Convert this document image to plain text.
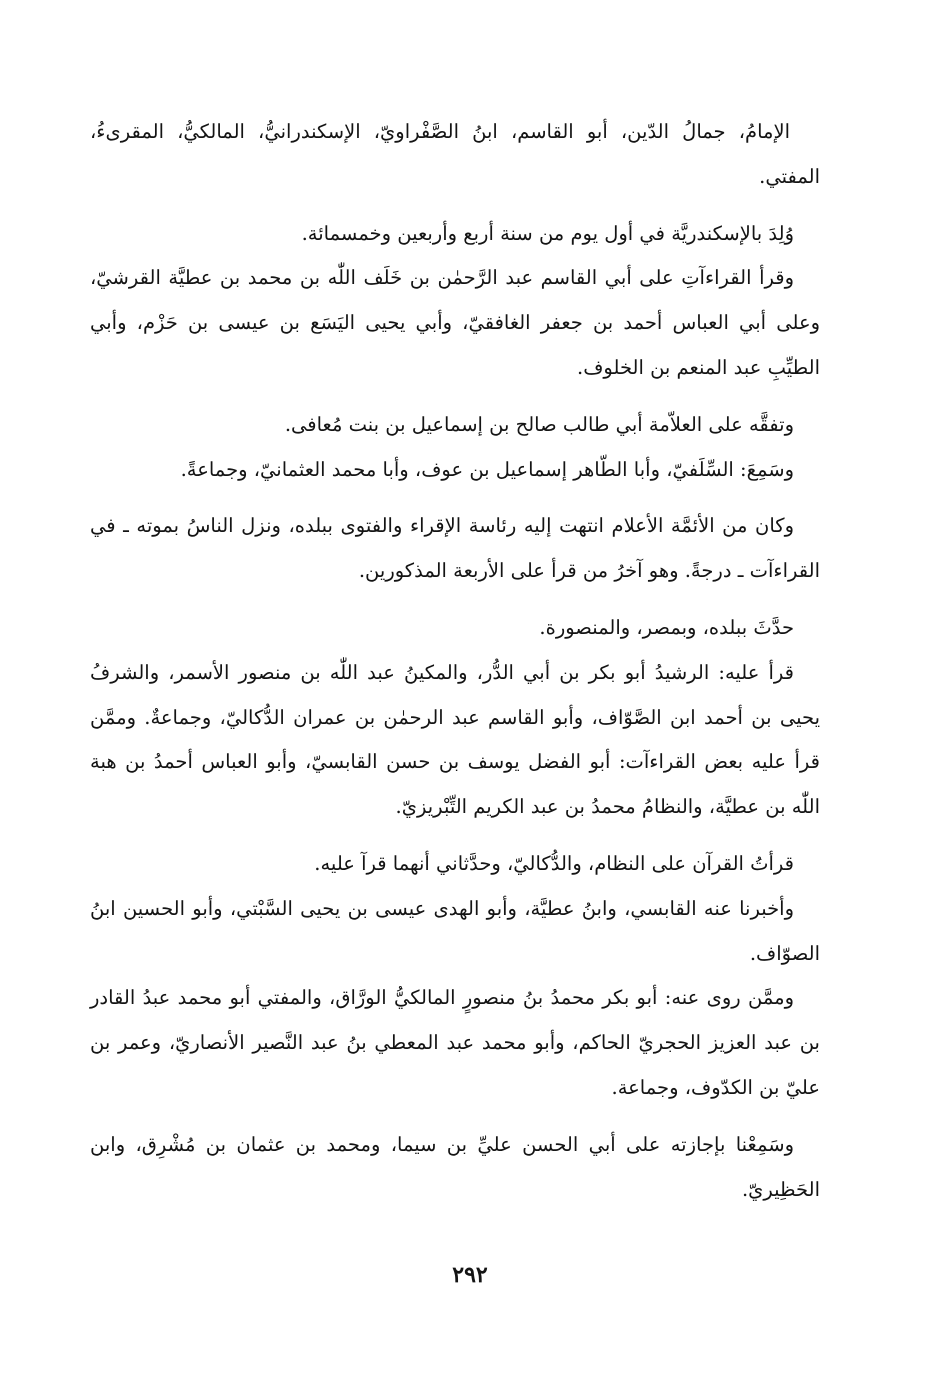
الإمامُ، جمالُ الدّين، أبو القاسم، ابنُ الصَّفْراويّ، الإسكندرانيُّ، المالكيُّ، المقرىءُ، المفتي.

وُلِدَ بالإسكندريَّة في أول يوم من سنة أربع وأربعين وخمسمائة.

وقرأ القراءآتِ على أبي القاسم عبد الرَّحمٰن بن خَلَف اللّٰه بن محمد بن عطيَّة القرشيّ، وعلى أبي العباس أحمد بن جعفر الغافقيّ، وأبي يحيى اليَسَع بن عيسى بن حَزْم، وأبي الطيِّبِ عبد المنعم بن الخلوف.

وتفقَّه على العلاّمة أبي طالب صالح بن إسماعيل بن بنت مُعافى.

وسَمِعَ: السِّلَفيّ، وأبا الطّاهر إسماعيل بن عوف، وأبا محمد العثمانيّ، وجماعةً.

وكان من الأئمَّة الأعلام انتهت إليه رئاسة الإقراء والفتوى ببلده، ونزل الناسُ بموته ـ في القراءآت ـ درجةً. وهو آخرُ من قرأ على الأربعة المذكورين.

حدَّثَ ببلده، وبمصر، والمنصورة.

قرأ عليه: الرشيدُ أبو بكر بن أبي الدُّر، والمكينُ عبد اللّٰه بن منصور الأسمر، والشرفُ يحيى بن أحمد ابن الصَّوّاف، وأبو القاسم عبد الرحمٰن بن عمران الدُّكاليّ، وجماعةٌ. وممَّن قرأ عليه بعض القراءآت: أبو الفضل يوسف بن حسن القابسيّ، وأبو العباس أحمدُ بن هبة اللّٰه بن عطيَّة، والنظامُ محمدُ بن عبد الكريم التِّبْريزيّ.

قرأتُ القرآن على النظام، والدُّكاليّ، وحدَّثاني أنهما قرآ عليه.

وأخبرنا عنه القابسي، وابنُ عطيَّة، وأبو الهدى عيسى بن يحيى السَّبْتي، وأبو الحسين ابنُ الصوّاف.

وممَّن روى عنه: أبو بكر محمدُ بنُ منصورٍ المالكيُّ الورَّاق، والمفتي أبو محمد عبدُ القادر بن عبد العزيز الحجريّ الحاكم، وأبو محمد عبد المعطي بنُ عبد النَّصير الأنصاريّ، وعمر بن عليّ بن الكدّوف، وجماعة.

وسَمِعْنا بإجازته على أبي الحسن عليِّ بن سيما، ومحمد بن عثمان بن مُشْرِق، وابن الحَظِيريّ.

٢٩٢
